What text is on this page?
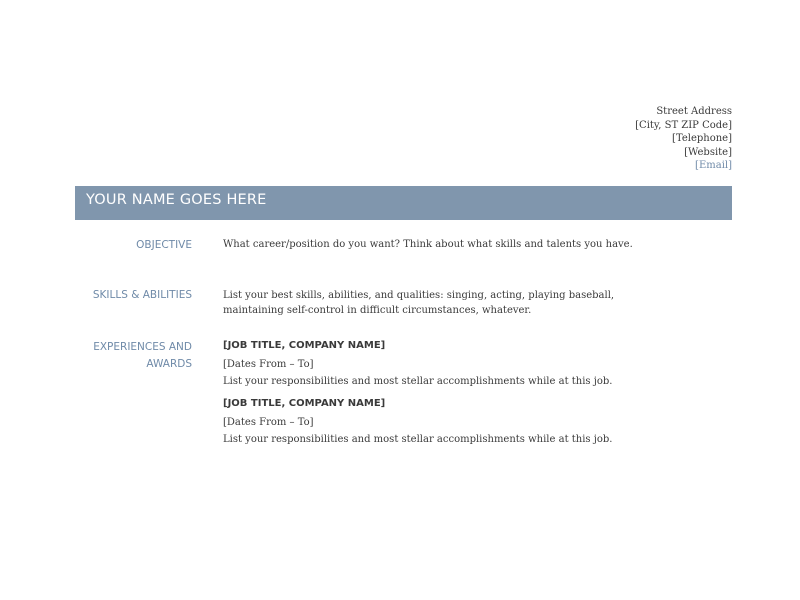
Street Address
[City, ST ZIP Code]
[Telephone]
[Website]
[Email]
YOUR NAME GOES HERE
OBJECTIVE	What career/position do you want? Think about what skills and talents you have.
SKILLS & ABILITIES	List your best skills, abilities, and qualities: singing, acting, playing baseball, maintaining self-control in difficult circumstances, whatever.
EXPERIENCES AND
AWARDS
[JOB TITLE, COMPANY NAME]
[Dates From – To]
List your responsibilities and most stellar accomplishments while at this job.
[JOB TITLE, COMPANY NAME]
[Dates From – To]
List your responsibilities and most stellar accomplishments while at this job.
